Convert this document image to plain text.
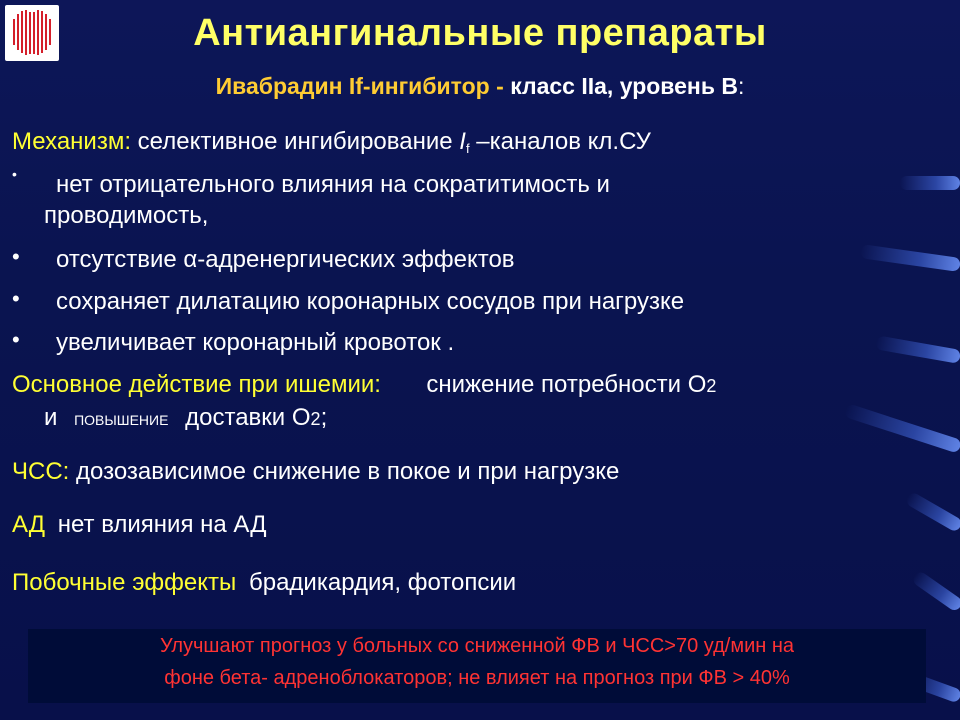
Антиангинальные препараты
Ивабрадин If-ингибитор - класс IIa, уровень В:
Механизм: селективное ингибирование $I_f$ –каналов кл.СУ
• нет отрицательного влияния на сократитимость и
проводимость,
• отсутствие α-адренергических эффектов
• сохраняет дилатацию коронарных сосудов при нагрузке
• увеличивает коронарный кровоток .
Основное действие при ишемии: снижение потребности О2
и ПОВЫШЕНИЕ доставки О2;
ЧСС: дозозависимое снижение в покое и при нагрузке
АД нет влияния на АД
Побочные эффекты брадикардия, фотопсии
Улучшают прогноз у больных со сниженной ФВ и ЧСС>70 уд/мин на
фоне бета- адреноблокаторов; не влияет на прогноз при ФВ > 40%
